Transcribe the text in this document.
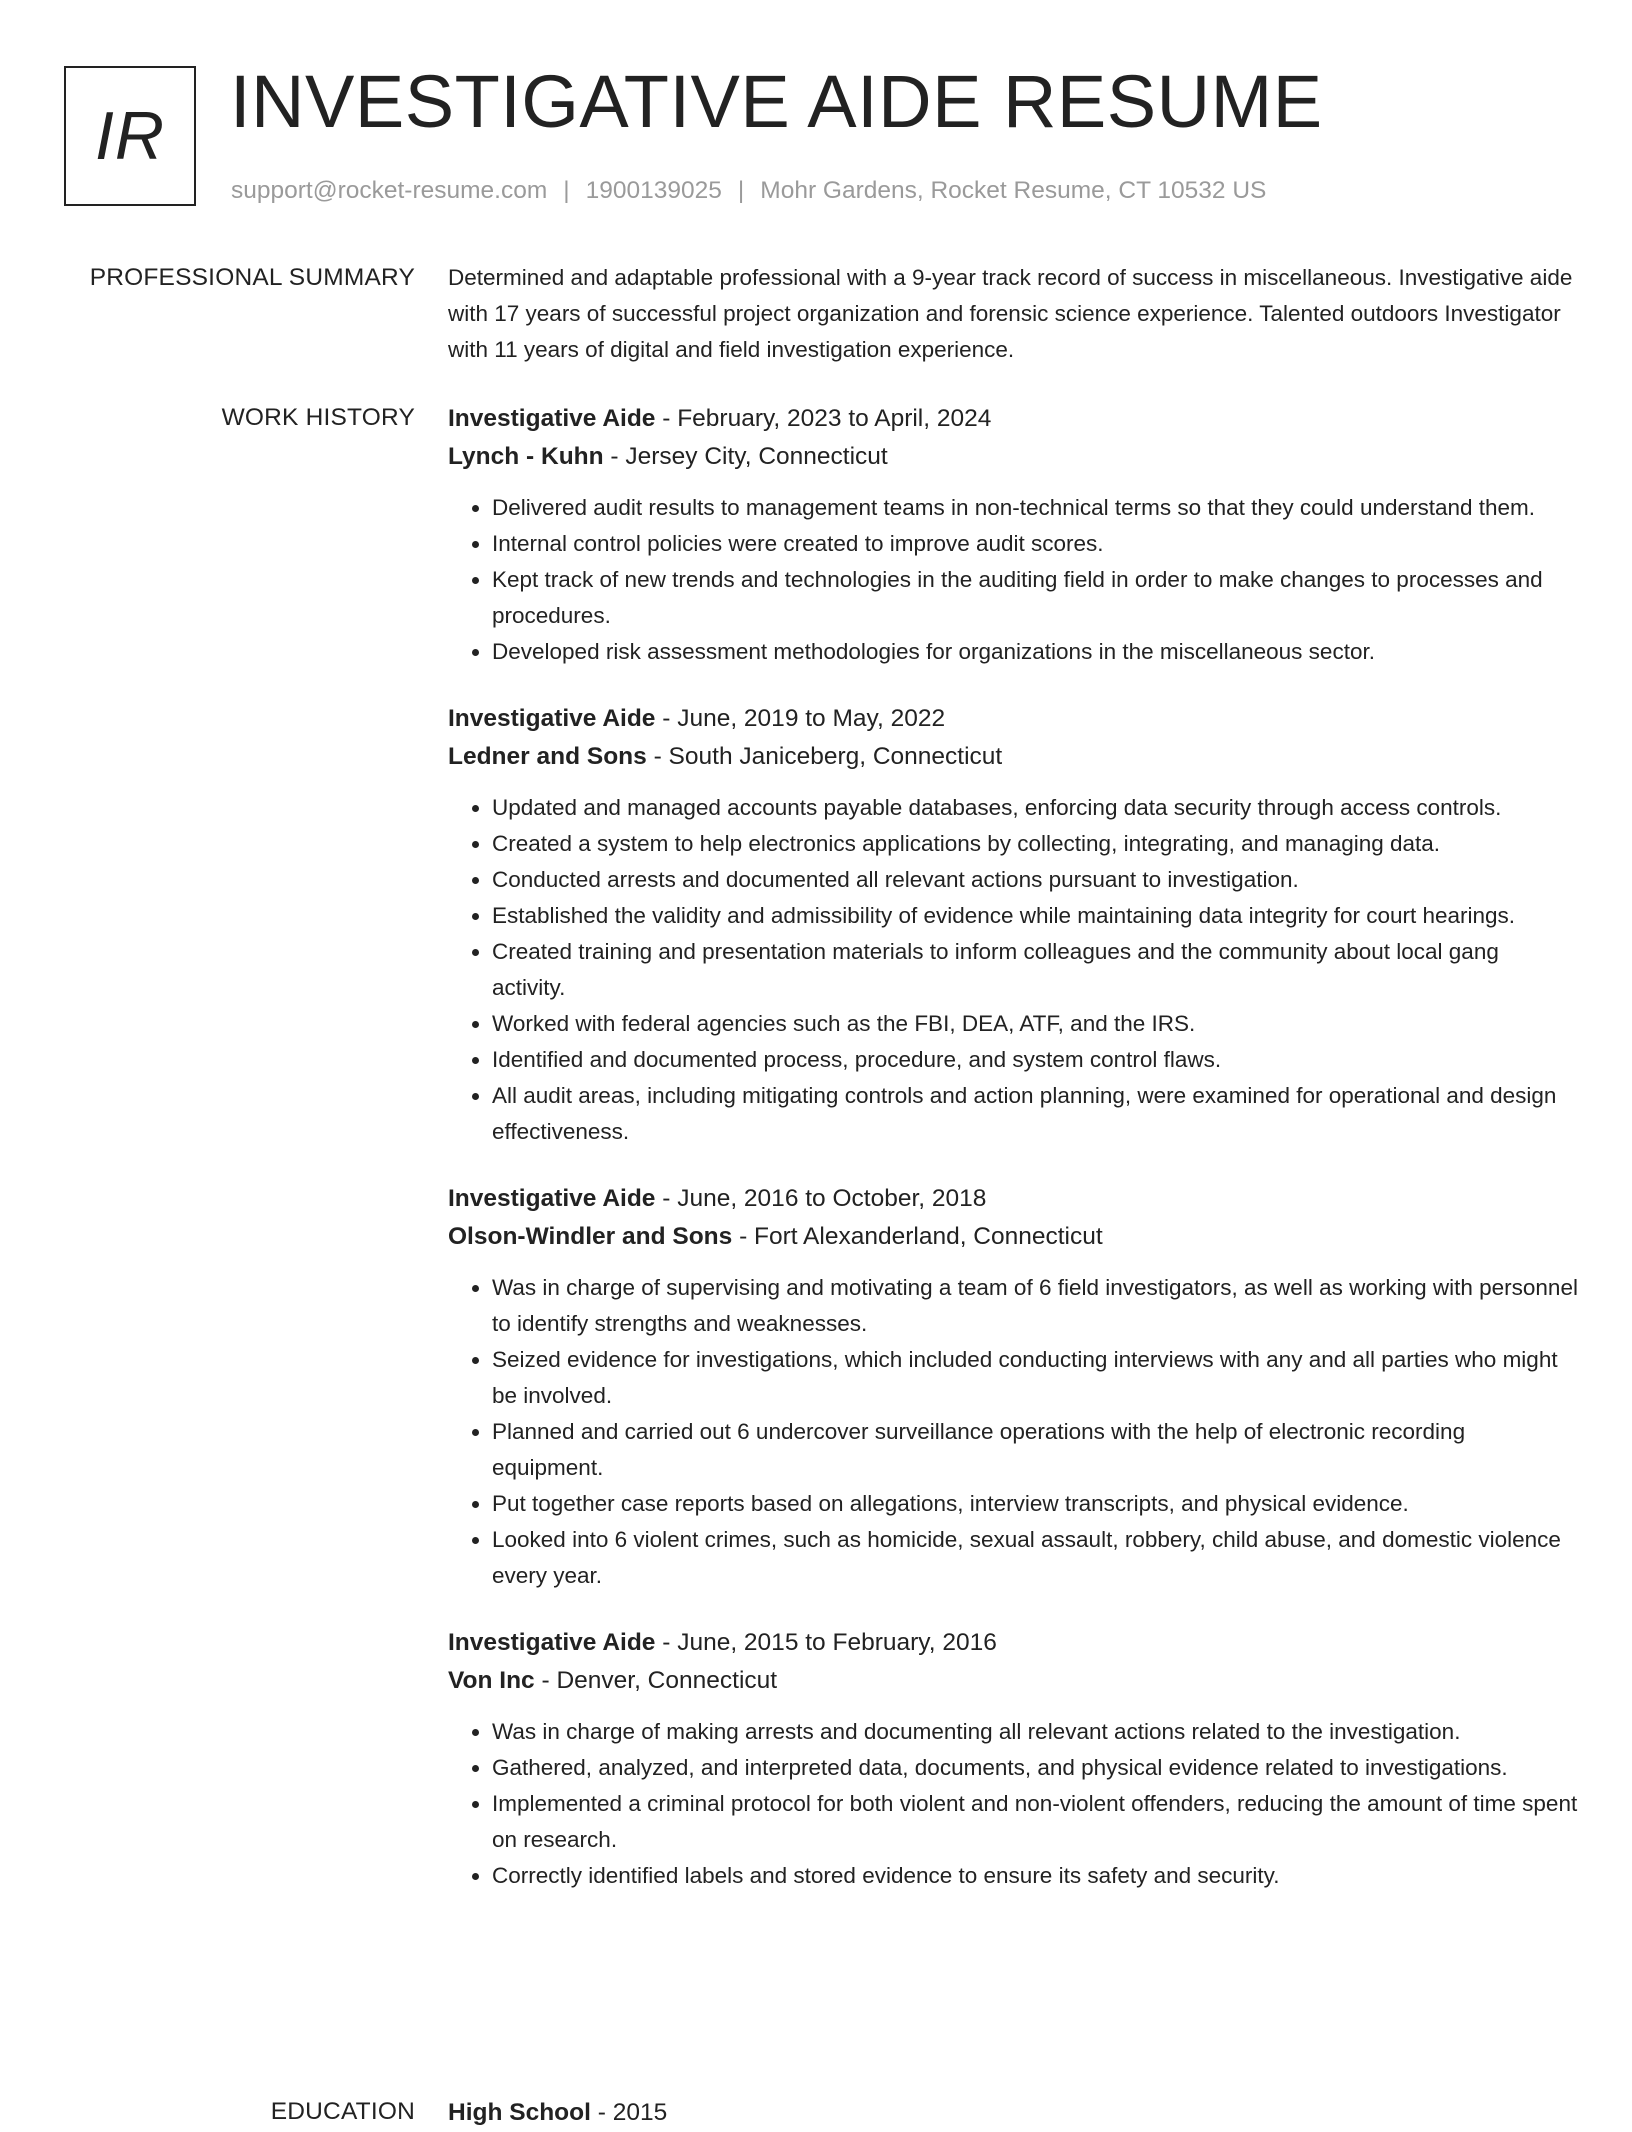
IR INVESTIGATIVE AIDE RESUME
support@rocket-resume.com | 1900139025 | Mohr Gardens, Rocket Resume, CT 10532 US
PROFESSIONAL SUMMARY Determined and adaptable professional with a 9-year track record of success in miscellaneous. Investigative aide with 17 years of successful project organization and forensic science experience. Talented outdoors Investigator with 11 years of digital and field investigation experience.

WORK HISTORY Investigative Aide - February, 2023 to April, 2024
Lynch - Kuhn - Jersey City, Connecticut
• Delivered audit results to management teams in non-technical terms so that they could understand them.
• Internal control policies were created to improve audit scores.
• Kept track of new trends and technologies in the auditing field in order to make changes to processes and procedures.
• Developed risk assessment methodologies for organizations in the miscellaneous sector.
Investigative Aide - June, 2019 to May, 2022
Ledner and Sons - South Janiceberg, Connecticut
• Updated and managed accounts payable databases, enforcing data security through access controls.
• Created a system to help electronics applications by collecting, integrating, and managing data.
• Conducted arrests and documented all relevant actions pursuant to investigation.
• Established the validity and admissibility of evidence while maintaining data integrity for court hearings.
• Created training and presentation materials to inform colleagues and the community about local gang activity.
• Worked with federal agencies such as the FBI, DEA, ATF, and the IRS.
• Identified and documented process, procedure, and system control flaws.
• All audit areas, including mitigating controls and action planning, were examined for operational and design effectiveness.
Investigative Aide - June, 2016 to October, 2018
Olson-Windler and Sons - Fort Alexanderland, Connecticut
• Was in charge of supervising and motivating a team of 6 field investigators, as well as working with personnel to identify strengths and weaknesses.
• Seized evidence for investigations, which included conducting interviews with any and all parties who might be involved.
• Planned and carried out 6 undercover surveillance operations with the help of electronic recording equipment.
• Put together case reports based on allegations, interview transcripts, and physical evidence.
• Looked into 6 violent crimes, such as homicide, sexual assault, robbery, child abuse, and domestic violence every year.
Investigative Aide - June, 2015 to February, 2016
Von Inc - Denver, Connecticut
• Was in charge of making arrests and documenting all relevant actions related to the investigation.
• Gathered, analyzed, and interpreted data, documents, and physical evidence related to investigations.
• Implemented a criminal protocol for both violent and non-violent offenders, reducing the amount of time spent on research.
• Correctly identified labels and stored evidence to ensure its safety and security.
EDUCATION High School - 2015
